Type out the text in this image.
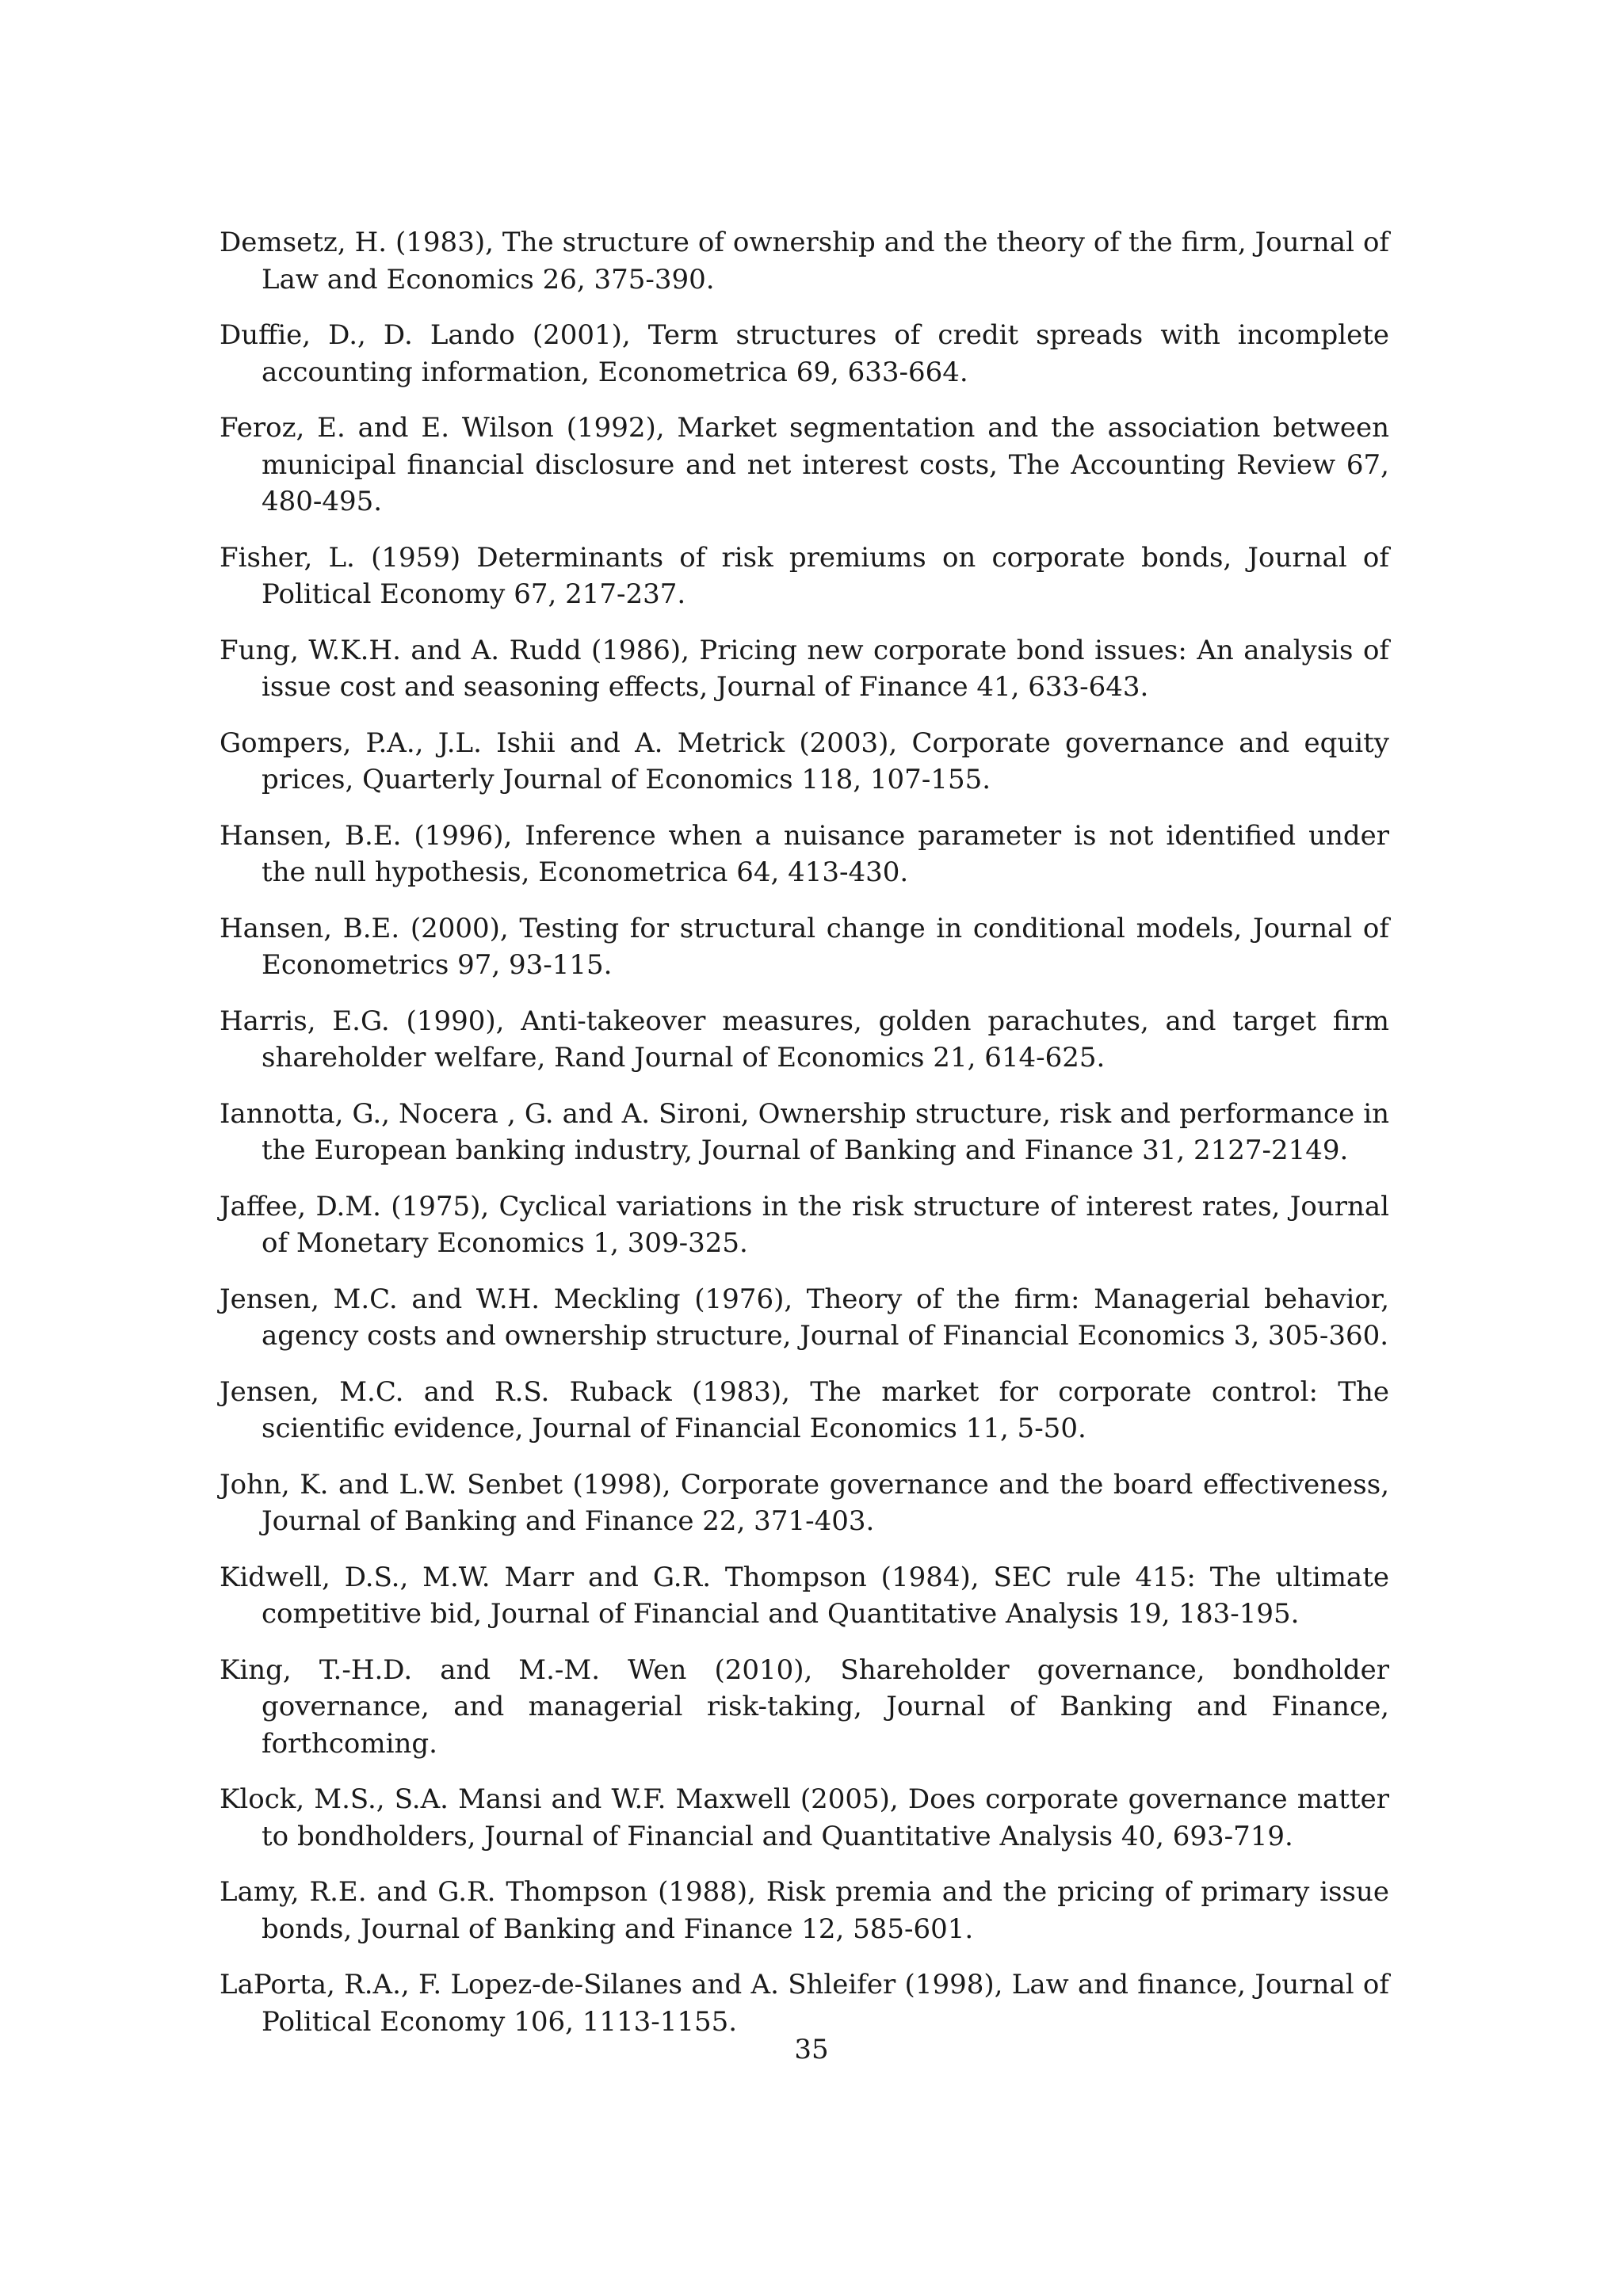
Demsetz, H. (1983), The structure of ownership and the theory of the firm, Journal of Law and Economics 26, 375-390.
Duffie, D., D. Lando (2001), Term structures of credit spreads with incomplete accounting information, Econometrica 69, 633-664.
Feroz, E. and E. Wilson (1992), Market segmentation and the association between municipal financial disclosure and net interest costs, The Accounting Review 67, 480-495.
Fisher, L. (1959) Determinants of risk premiums on corporate bonds, Journal of Political Economy 67, 217-237.
Fung, W.K.H. and A. Rudd (1986), Pricing new corporate bond issues: An analysis of issue cost and seasoning effects, Journal of Finance 41, 633-643.
Gompers, P.A., J.L. Ishii and A. Metrick (2003), Corporate governance and equity prices, Quarterly Journal of Economics 118, 107-155.
Hansen, B.E. (1996), Inference when a nuisance parameter is not identified under the null hypothesis, Econometrica 64, 413-430.
Hansen, B.E. (2000), Testing for structural change in conditional models, Journal of Econometrics 97, 93-115.
Harris, E.G. (1990), Anti-takeover measures, golden parachutes, and target firm shareholder welfare, Rand Journal of Economics 21, 614-625.
Iannotta, G., Nocera , G. and A. Sironi, Ownership structure, risk and performance in the European banking industry, Journal of Banking and Finance 31, 2127-2149.
Jaffee, D.M. (1975), Cyclical variations in the risk structure of interest rates, Journal of Monetary Economics 1, 309-325.
Jensen, M.C. and W.H. Meckling (1976), Theory of the firm: Managerial behavior, agency costs and ownership structure, Journal of Financial Economics 3, 305-360.
Jensen, M.C. and R.S. Ruback (1983), The market for corporate control: The scientific evidence, Journal of Financial Economics 11, 5-50.
John, K. and L.W. Senbet (1998), Corporate governance and the board effectiveness, Journal of Banking and Finance 22, 371-403.
Kidwell, D.S., M.W. Marr and G.R. Thompson (1984), SEC rule 415: The ultimate competitive bid, Journal of Financial and Quantitative Analysis 19, 183-195.
King, T.-H.D. and M.-M. Wen (2010), Shareholder governance, bondholder governance, and managerial risk-taking, Journal of Banking and Finance, forthcoming.
Klock, M.S., S.A. Mansi and W.F. Maxwell (2005), Does corporate governance matter to bondholders, Journal of Financial and Quantitative Analysis 40, 693-719.
Lamy, R.E. and G.R. Thompson (1988), Risk premia and the pricing of primary issue bonds, Journal of Banking and Finance 12, 585-601.
LaPorta, R.A., F. Lopez-de-Silanes and A. Shleifer (1998), Law and finance, Journal of Political Economy 106, 1113-1155.
35
